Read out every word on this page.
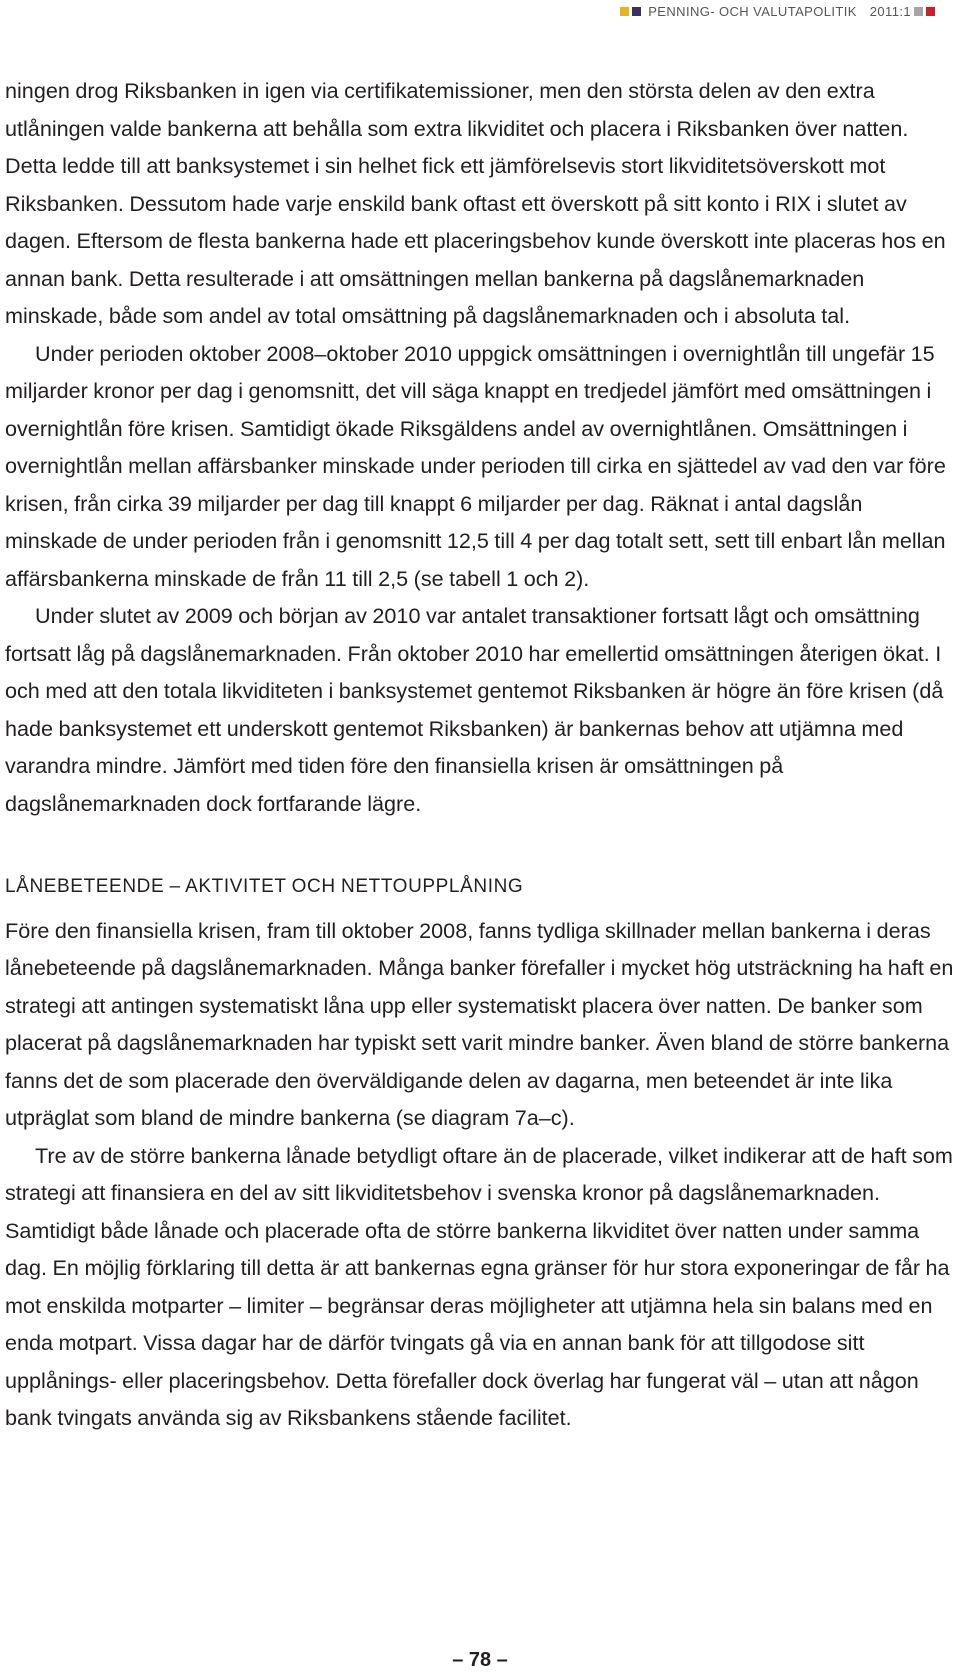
PENNING- OCH VALUTAPOLITIK 2011:1

ningen drog Riksbanken in igen via certifikatemissioner, men den största delen av den extra utlåningen valde bankerna att behålla som extra likviditet och placera i Riksbanken över natten. Detta ledde till att banksystemet i sin helhet fick ett jämförelsevis stort likviditetsöverskott mot Riksbanken. Dessutom hade varje enskild bank oftast ett överskott på sitt konto i RIX i slutet av dagen. Eftersom de flesta bankerna hade ett placeringsbehov kunde överskott inte placeras hos en annan bank. Detta resulterade i att omsättningen mellan bankerna på dagslånemarknaden minskade, både som andel av total omsättning på dagslånemarknaden och i absoluta tal.

Under perioden oktober 2008–oktober 2010 uppgick omsättningen i overnightlån till ungefär 15 miljarder kronor per dag i genomsnitt, det vill säga knappt en tredjedel jämfört med omsättningen i overnightlån före krisen. Samtidigt ökade Riksgäldens andel av overnightlånen. Omsättningen i overnightlån mellan affärsbanker minskade under perioden till cirka en sjättedel av vad den var före krisen, från cirka 39 miljarder per dag till knappt 6 miljarder per dag. Räknat i antal dagslån minskade de under perioden från i genomsnitt 12,5 till 4 per dag totalt sett, sett till enbart lån mellan affärsbankerna minskade de från 11 till 2,5 (se tabell 1 och 2).

Under slutet av 2009 och början av 2010 var antalet transaktioner fortsatt lågt och omsättning fortsatt låg på dagslånemarknaden. Från oktober 2010 har emellertid omsättningen återigen ökat. I och med att den totala likviditeten i banksystemet gentemot Riksbanken är högre än före krisen (då hade banksystemet ett underskott gentemot Riksbanken) är bankernas behov att utjämna med varandra mindre. Jämfört med tiden före den finansiella krisen är omsättningen på dagslånemarknaden dock fortfarande lägre.

LÅNEBETEENDE – AKTIVITET OCH NETTOUPPLÅNING

Före den finansiella krisen, fram till oktober 2008, fanns tydliga skillnader mellan bankerna i deras lånebeteende på dagslånemarknaden. Många banker förefaller i mycket hög utsträckning ha haft en strategi att antingen systematiskt låna upp eller systematiskt placera över natten. De banker som placerat på dagslånemarknaden har typiskt sett varit mindre banker. Även bland de större bankerna fanns det de som placerade den överväldigande delen av dagarna, men beteendet är inte lika utpräglat som bland de mindre bankerna (se diagram 7a–c).

Tre av de större bankerna lånade betydligt oftare än de placerade, vilket indikerar att de haft som strategi att finansiera en del av sitt likviditetsbehov i svenska kronor på dagslånemarknaden. Samtidigt både lånade och placerade ofta de större bankerna likviditet över natten under samma dag. En möjlig förklaring till detta är att bankernas egna gränser för hur stora exponeringar de får ha mot enskilda motparter – limiter – begränsar deras möjligheter att utjämna hela sin balans med en enda motpart. Vissa dagar har de därför tvingats gå via en annan bank för att tillgodose sitt upplånings- eller placeringsbehov. Detta förefaller dock överlag har fungerat väl – utan att någon bank tvingats använda sig av Riksbankens stående facilitet.

– 78 –
